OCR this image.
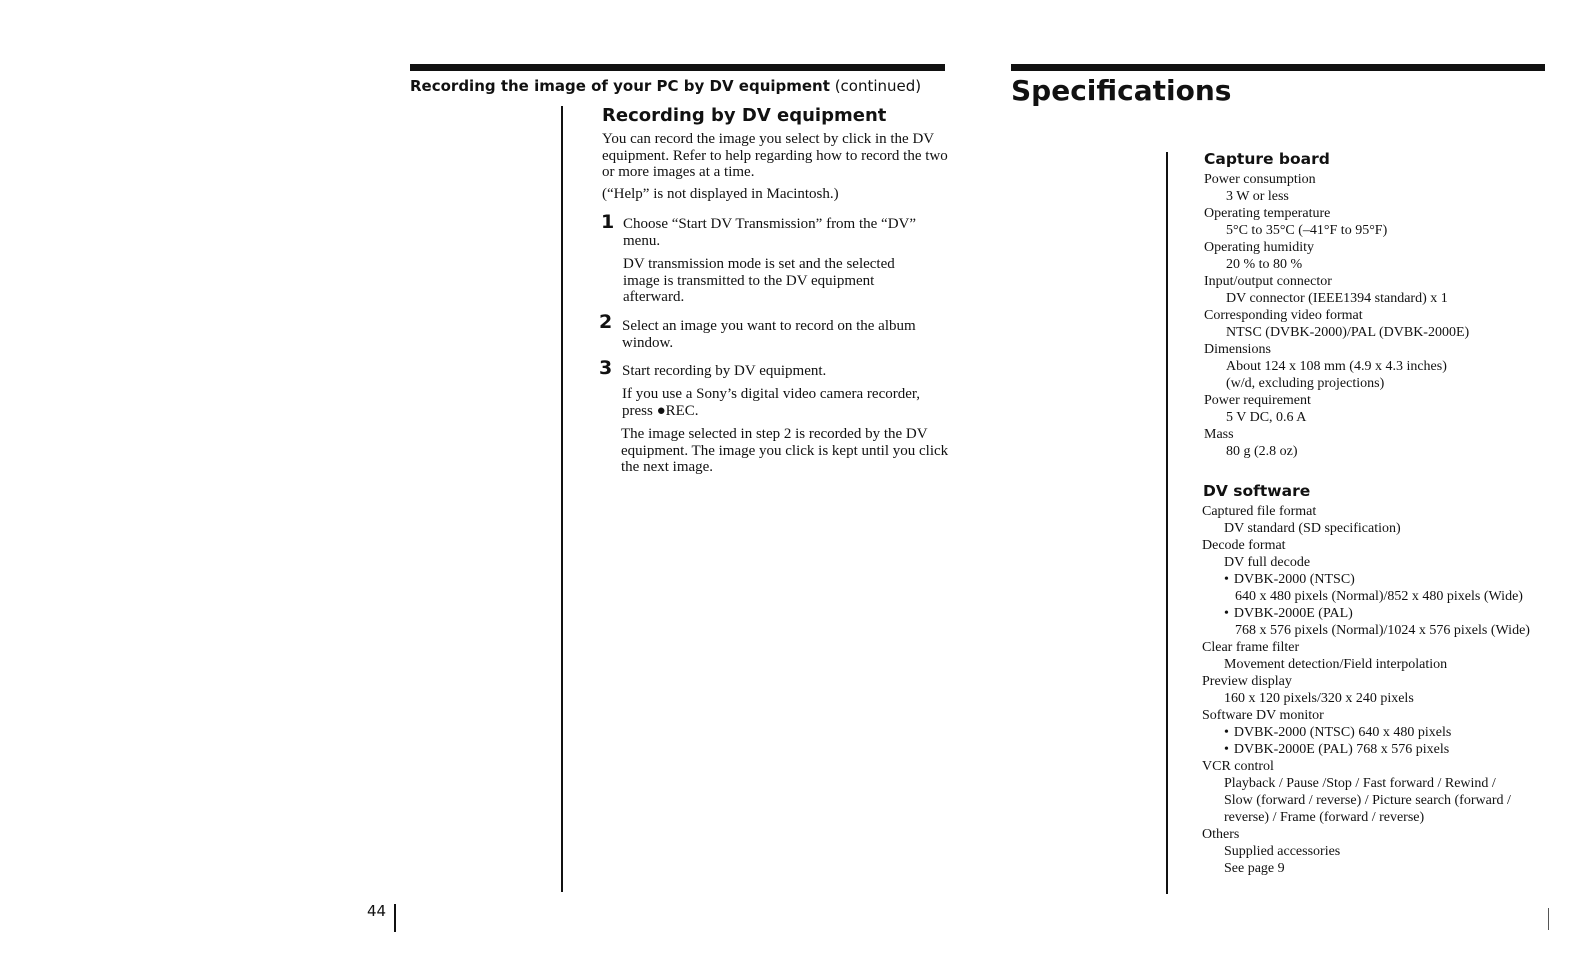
Recording the image of your PC by DV equipment (continued)
Recording by DV equipment
You can record the image you select by click in the DV equipment. Refer to help regarding how to record the two or more images at a time.
(“Help” is not displayed in Macintosh.)
1 Choose “Start DV Transmission” from the “DV” menu.
DV transmission mode is set and the selected image is transmitted to the DV equipment afterward.
2 Select an image you want to record on the album window.
3 Start recording by DV equipment.
If you use a Sony’s digital video camera recorder, press ●REC.
The image selected in step 2 is recorded by the DV equipment. The image you click is kept until you click the next image.
44
Specifications
Capture board
Power consumption
3 W or less
Operating temperature
5°C to 35°C (–41°F to 95°F)
Operating humidity
20 % to 80 %
Input/output connector
DV connector (IEEE1394 standard) x 1
Corresponding video format
NTSC (DVBK-2000)/PAL (DVBK-2000E)
Dimensions
About 124 x 108 mm (4.9 x 4.3 inches)
(w/d, excluding projections)
Power requirement
5 V DC, 0.6 A
Mass
80 g (2.8 oz)
DV software
Captured file format
DV standard (SD specification)
Decode format
DV full decode
• DVBK-2000 (NTSC)
640 x 480 pixels (Normal)/852 x 480 pixels (Wide)
• DVBK-2000E (PAL)
768 x 576 pixels (Normal)/1024 x 576 pixels (Wide)
Clear frame filter
Movement detection/Field interpolation
Preview display
160 x 120 pixels/320 x 240 pixels
Software DV monitor
• DVBK-2000 (NTSC) 640 x 480 pixels
• DVBK-2000E (PAL) 768 x 576 pixels
VCR control
Playback / Pause /Stop / Fast forward / Rewind /
Slow (forward / reverse) / Picture search (forward /
reverse) / Frame (forward / reverse)
Others
Supplied accessories
See page 9
